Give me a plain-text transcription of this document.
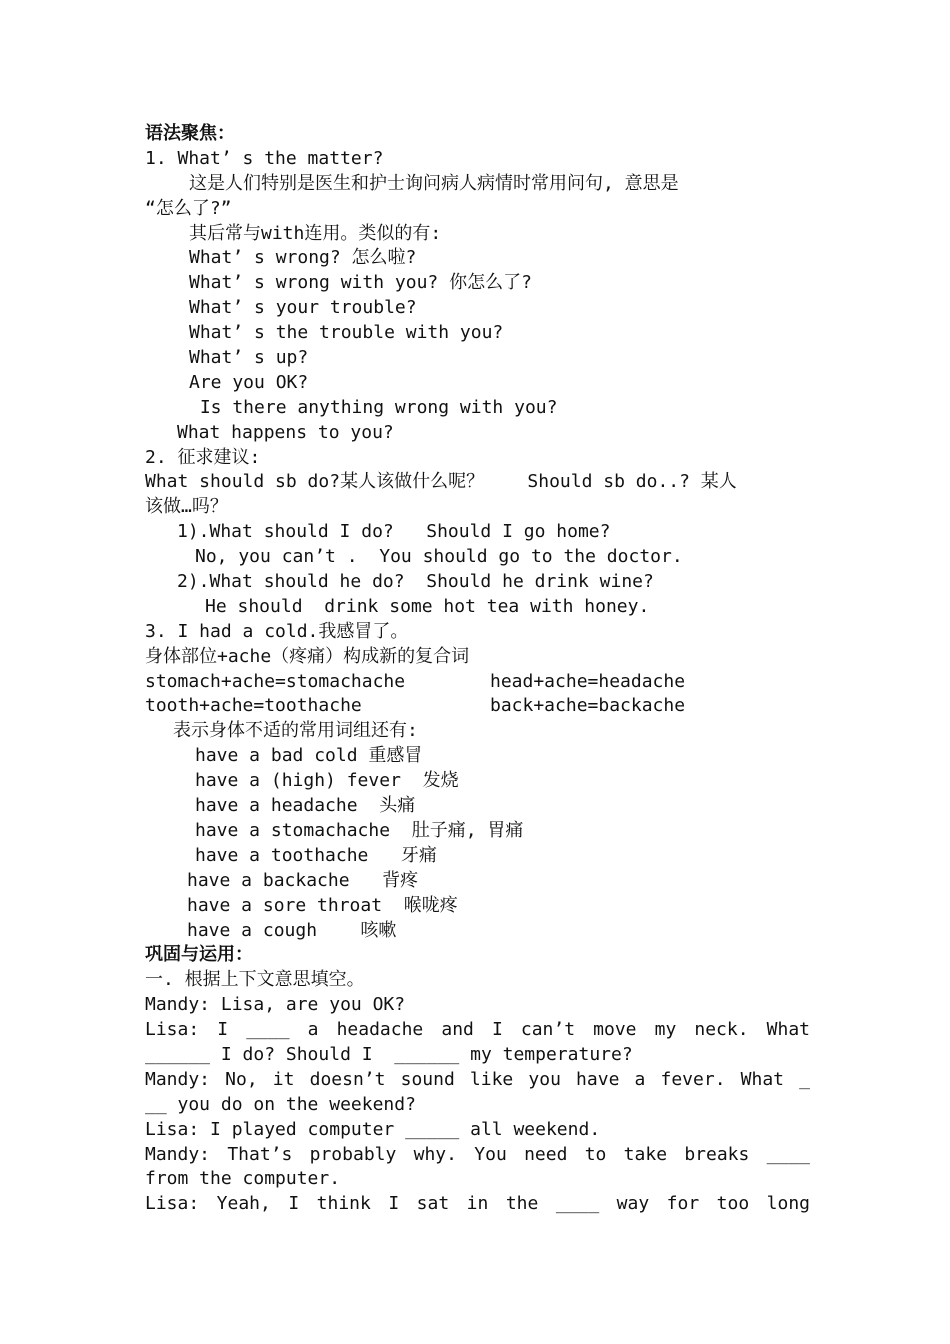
语法聚焦：
1. What’ s the matter?
这是人们特别是医生和护士询问病人病情时常用问句, 意思是
“怎么了?”
其后常与with连用。类似的有:
What’ s wrong? 怎么啦?
What’ s wrong with you? 你怎么了?
What’ s your trouble?
What’ s the trouble with you?
What’ s up?
Are you OK?
Is there anything wrong with you?
What happens to you?
2. 征求建议:
What should sb do?某人该做什么呢？    Should sb do..? 某人
该做…吗？
1).What should I do?   Should I go home?
No, you can’t .  You should go to the doctor.
2).What should he do?  Should he drink wine?
He should  drink some hot tea with honey.
3. I had a cold.我感冒了。
身体部位+ache（疼痛）构成新的复合词
stomach+ache=stomachache	head+ache=headache
tooth+ache=toothache	back+ache=backache
表示身体不适的常用词组还有:
have a bad cold 重感冒
have a (high) fever  发烧
have a headache  头痛
have a stomachache  肚子痛, 胃痛
have a toothache   牙痛
have a backache   背疼
have a sore throat  喉咙疼
have a cough    咳嗽
巩固与运用：
一. 根据上下文意思填空。
Mandy: Lisa, are you OK?
Lisa: I ____ a headache and I can’t move my neck. What
______ I do? Should I  ______ my temperature?
Mandy: No, it doesn’t sound like you have a fever. What _
__ you do on the weekend?
Lisa: I played computer _____ all weekend.
Mandy: That’s probably why. You need to take breaks ____
from the computer.
Lisa: Yeah, I think I sat in the ____ way for too long
